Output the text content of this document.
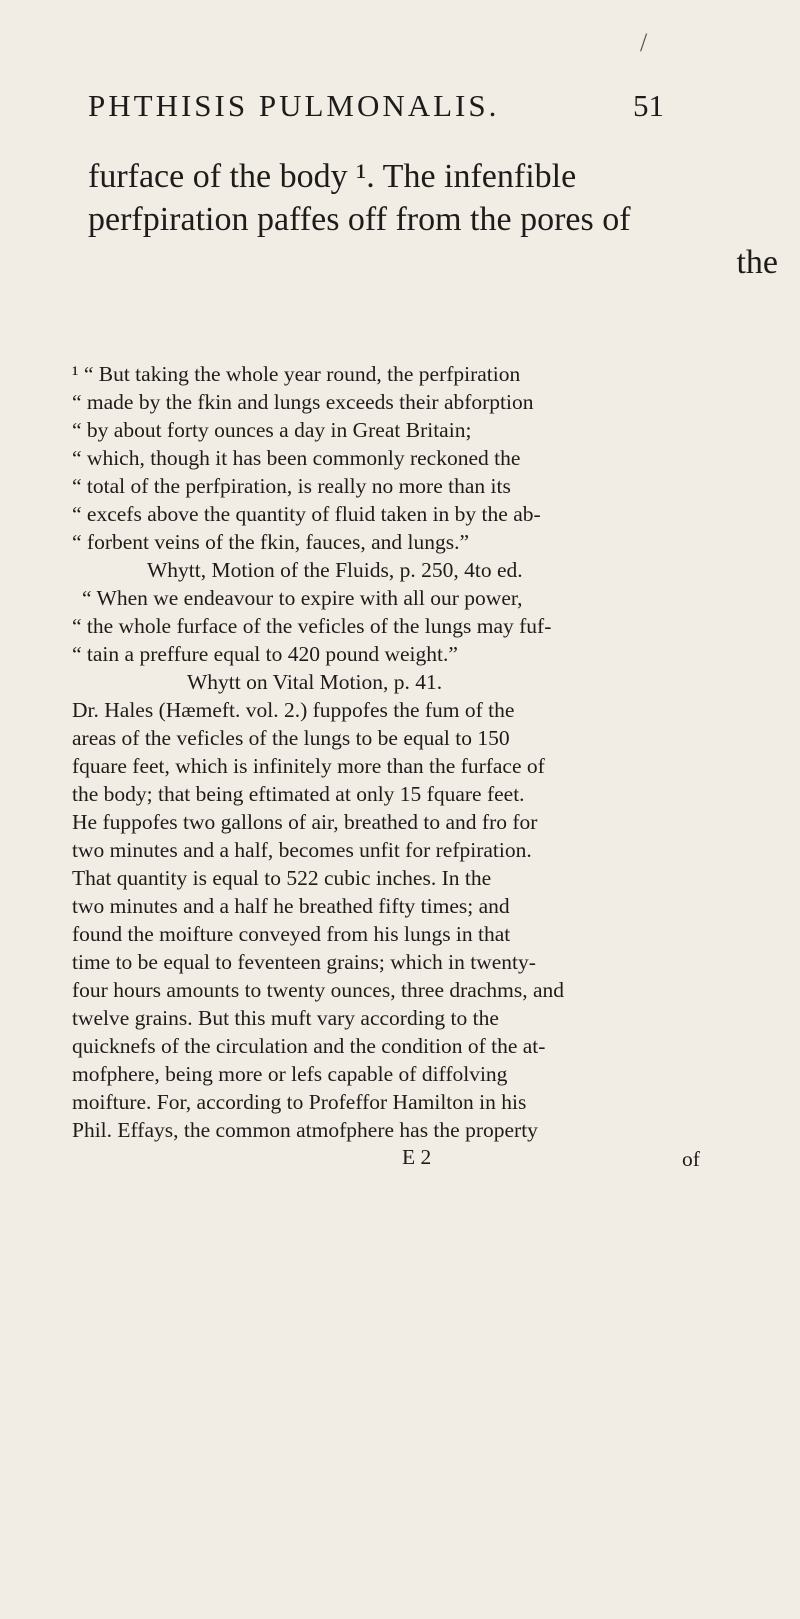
/
PHTHISIS PULMONALIS.	51
furface of the body ¹. The infenfible
perfpiration paffes off from the pores of
the
¹ “ But taking the whole year round, the perfpiration
“ made by the fkin and lungs exceeds their abforption
“ by about forty ounces a day in Great Britain;
“ which, though it has been commonly reckoned the
“ total of the perfpiration, is really no more than its
“ excefs above the quantity of fluid taken in by the ab-
“ forbent veins of the fkin, fauces, and lungs.”
Whytt, Motion of the Fluids, p. 250, 4to ed.
“ When we endeavour to expire with all our power,
“ the whole furface of the veficles of the lungs may fuf-
“ tain a preffure equal to 420 pound weight.”
Whytt on Vital Motion, p. 41.
Dr. Hales (Hæmeft. vol. 2.) fuppofes the fum of the
areas of the veficles of the lungs to be equal to 150
fquare feet, which is infinitely more than the furface of
the body; that being eftimated at only 15 fquare feet.
He fuppofes two gallons of air, breathed to and fro for
two minutes and a half, becomes unfit for refpiration.
That quantity is equal to 522 cubic inches. In the
two minutes and a half he breathed fifty times; and
found the moifture conveyed from his lungs in that
time to be equal to feventeen grains; which in twenty-
four hours amounts to twenty ounces, three drachms, and
twelve grains. But this muft vary according to the
quicknefs of the circulation and the condition of the at-
mofphere, being more or lefs capable of diffolving
moifture. For, according to Profeffor Hamilton in his
Phil. Effays, the common atmofphere has the property
E 2	of
